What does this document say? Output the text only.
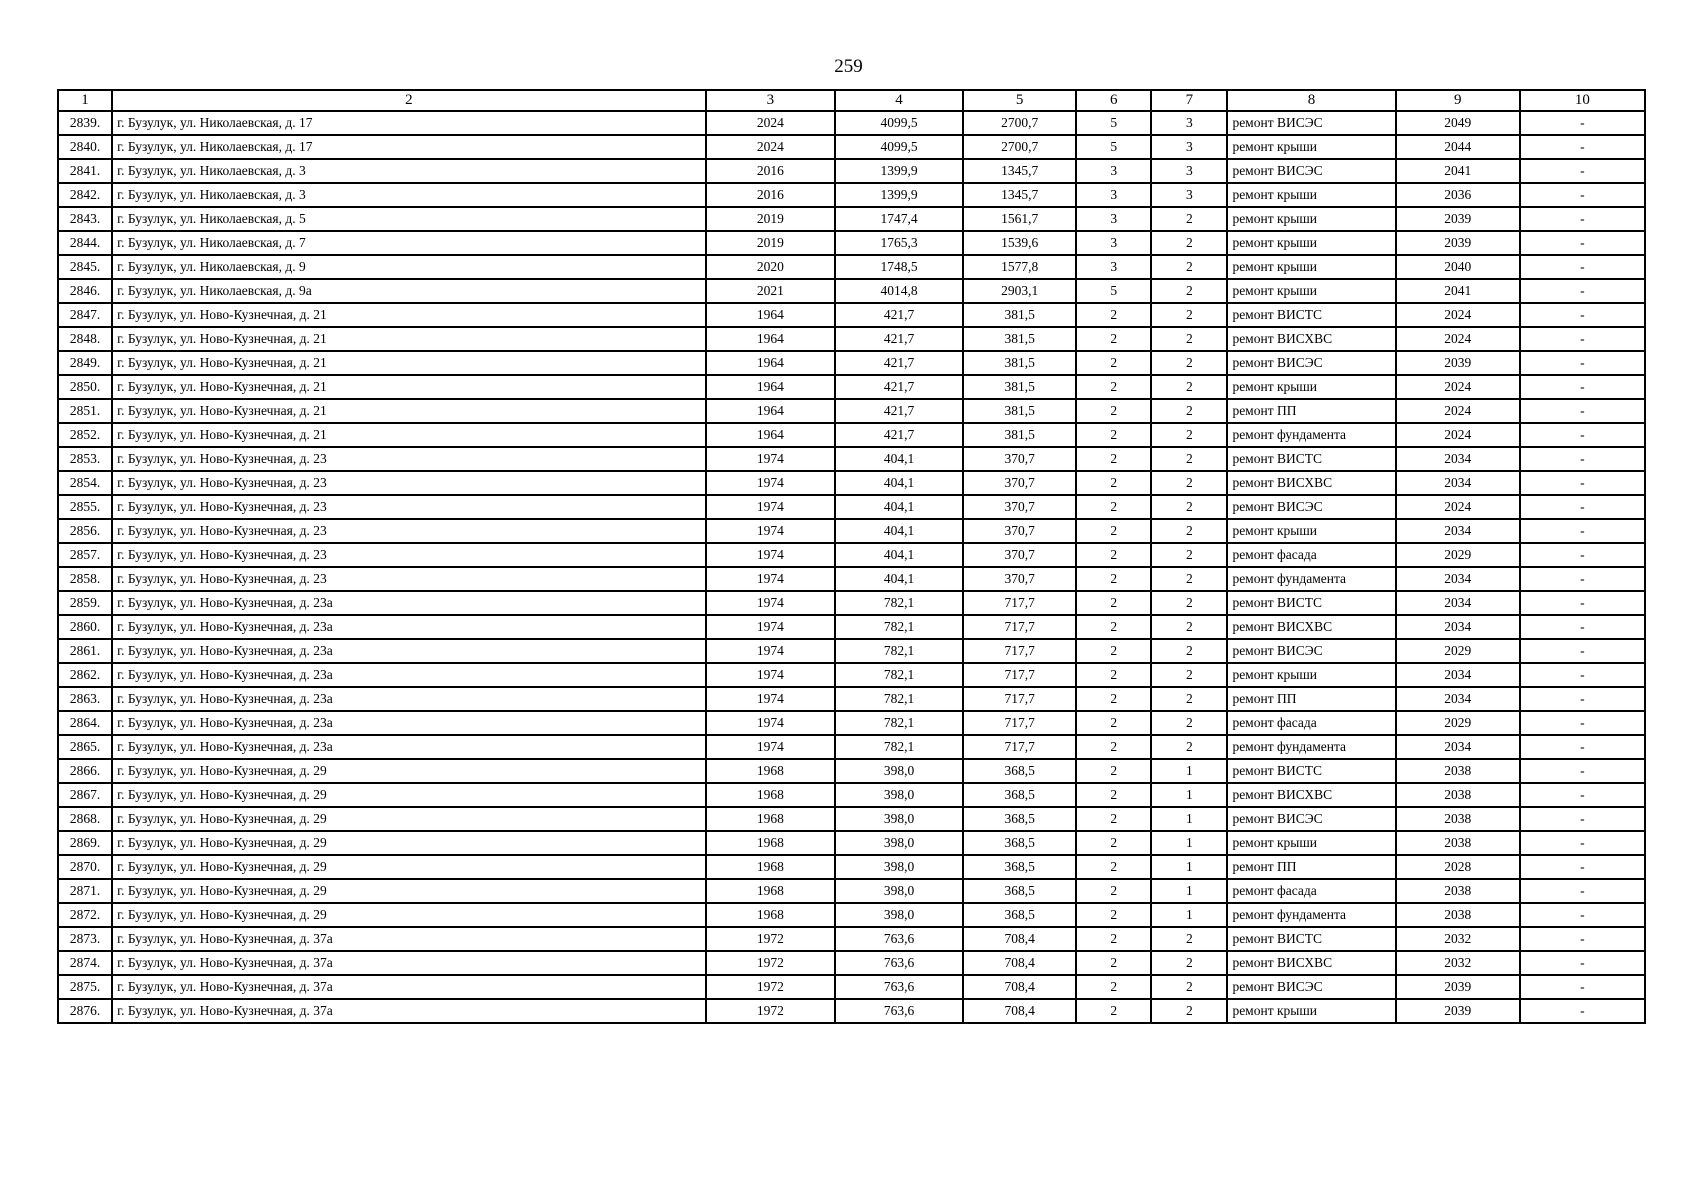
259
1	2	3	4	5	6	7	8	9	10
2839.	г. Бузулук, ул. Николаевская, д. 17	2024	4099,5	2700,7	5	3	ремонт ВИСЭС	2049	-
2840.	г. Бузулук, ул. Николаевская, д. 17	2024	4099,5	2700,7	5	3	ремонт крыши	2044	-
2841.	г. Бузулук, ул. Николаевская, д. 3	2016	1399,9	1345,7	3	3	ремонт ВИСЭС	2041	-
2842.	г. Бузулук, ул. Николаевская, д. 3	2016	1399,9	1345,7	3	3	ремонт крыши	2036	-
2843.	г. Бузулук, ул. Николаевская, д. 5	2019	1747,4	1561,7	3	2	ремонт крыши	2039	-
2844.	г. Бузулук, ул. Николаевская, д. 7	2019	1765,3	1539,6	3	2	ремонт крыши	2039	-
2845.	г. Бузулук, ул. Николаевская, д. 9	2020	1748,5	1577,8	3	2	ремонт крыши	2040	-
2846.	г. Бузулук, ул. Николаевская, д. 9а	2021	4014,8	2903,1	5	2	ремонт крыши	2041	-
2847.	г. Бузулук, ул. Ново-Кузнечная, д. 21	1964	421,7	381,5	2	2	ремонт ВИСТС	2024	-
2848.	г. Бузулук, ул. Ново-Кузнечная, д. 21	1964	421,7	381,5	2	2	ремонт ВИСХВС	2024	-
2849.	г. Бузулук, ул. Ново-Кузнечная, д. 21	1964	421,7	381,5	2	2	ремонт ВИСЭС	2039	-
2850.	г. Бузулук, ул. Ново-Кузнечная, д. 21	1964	421,7	381,5	2	2	ремонт крыши	2024	-
2851.	г. Бузулук, ул. Ново-Кузнечная, д. 21	1964	421,7	381,5	2	2	ремонт ПП	2024	-
2852.	г. Бузулук, ул. Ново-Кузнечная, д. 21	1964	421,7	381,5	2	2	ремонт фундамента	2024	-
2853.	г. Бузулук, ул. Ново-Кузнечная, д. 23	1974	404,1	370,7	2	2	ремонт ВИСТС	2034	-
2854.	г. Бузулук, ул. Ново-Кузнечная, д. 23	1974	404,1	370,7	2	2	ремонт ВИСХВС	2034	-
2855.	г. Бузулук, ул. Ново-Кузнечная, д. 23	1974	404,1	370,7	2	2	ремонт ВИСЭС	2024	-
2856.	г. Бузулук, ул. Ново-Кузнечная, д. 23	1974	404,1	370,7	2	2	ремонт крыши	2034	-
2857.	г. Бузулук, ул. Ново-Кузнечная, д. 23	1974	404,1	370,7	2	2	ремонт фасада	2029	-
2858.	г. Бузулук, ул. Ново-Кузнечная, д. 23	1974	404,1	370,7	2	2	ремонт фундамента	2034	-
2859.	г. Бузулук, ул. Ново-Кузнечная, д. 23а	1974	782,1	717,7	2	2	ремонт ВИСТС	2034	-
2860.	г. Бузулук, ул. Ново-Кузнечная, д. 23а	1974	782,1	717,7	2	2	ремонт ВИСХВС	2034	-
2861.	г. Бузулук, ул. Ново-Кузнечная, д. 23а	1974	782,1	717,7	2	2	ремонт ВИСЭС	2029	-
2862.	г. Бузулук, ул. Ново-Кузнечная, д. 23а	1974	782,1	717,7	2	2	ремонт крыши	2034	-
2863.	г. Бузулук, ул. Ново-Кузнечная, д. 23а	1974	782,1	717,7	2	2	ремонт ПП	2034	-
2864.	г. Бузулук, ул. Ново-Кузнечная, д. 23а	1974	782,1	717,7	2	2	ремонт фасада	2029	-
2865.	г. Бузулук, ул. Ново-Кузнечная, д. 23а	1974	782,1	717,7	2	2	ремонт фундамента	2034	-
2866.	г. Бузулук, ул. Ново-Кузнечная, д. 29	1968	398,0	368,5	2	1	ремонт ВИСТС	2038	-
2867.	г. Бузулук, ул. Ново-Кузнечная, д. 29	1968	398,0	368,5	2	1	ремонт ВИСХВС	2038	-
2868.	г. Бузулук, ул. Ново-Кузнечная, д. 29	1968	398,0	368,5	2	1	ремонт ВИСЭС	2038	-
2869.	г. Бузулук, ул. Ново-Кузнечная, д. 29	1968	398,0	368,5	2	1	ремонт крыши	2038	-
2870.	г. Бузулук, ул. Ново-Кузнечная, д. 29	1968	398,0	368,5	2	1	ремонт ПП	2028	-
2871.	г. Бузулук, ул. Ново-Кузнечная, д. 29	1968	398,0	368,5	2	1	ремонт фасада	2038	-
2872.	г. Бузулук, ул. Ново-Кузнечная, д. 29	1968	398,0	368,5	2	1	ремонт фундамента	2038	-
2873.	г. Бузулук, ул. Ново-Кузнечная, д. 37а	1972	763,6	708,4	2	2	ремонт ВИСТС	2032	-
2874.	г. Бузулук, ул. Ново-Кузнечная, д. 37а	1972	763,6	708,4	2	2	ремонт ВИСХВС	2032	-
2875.	г. Бузулук, ул. Ново-Кузнечная, д. 37а	1972	763,6	708,4	2	2	ремонт ВИСЭС	2039	-
2876.	г. Бузулук, ул. Ново-Кузнечная, д. 37а	1972	763,6	708,4	2	2	ремонт крыши	2039	-
